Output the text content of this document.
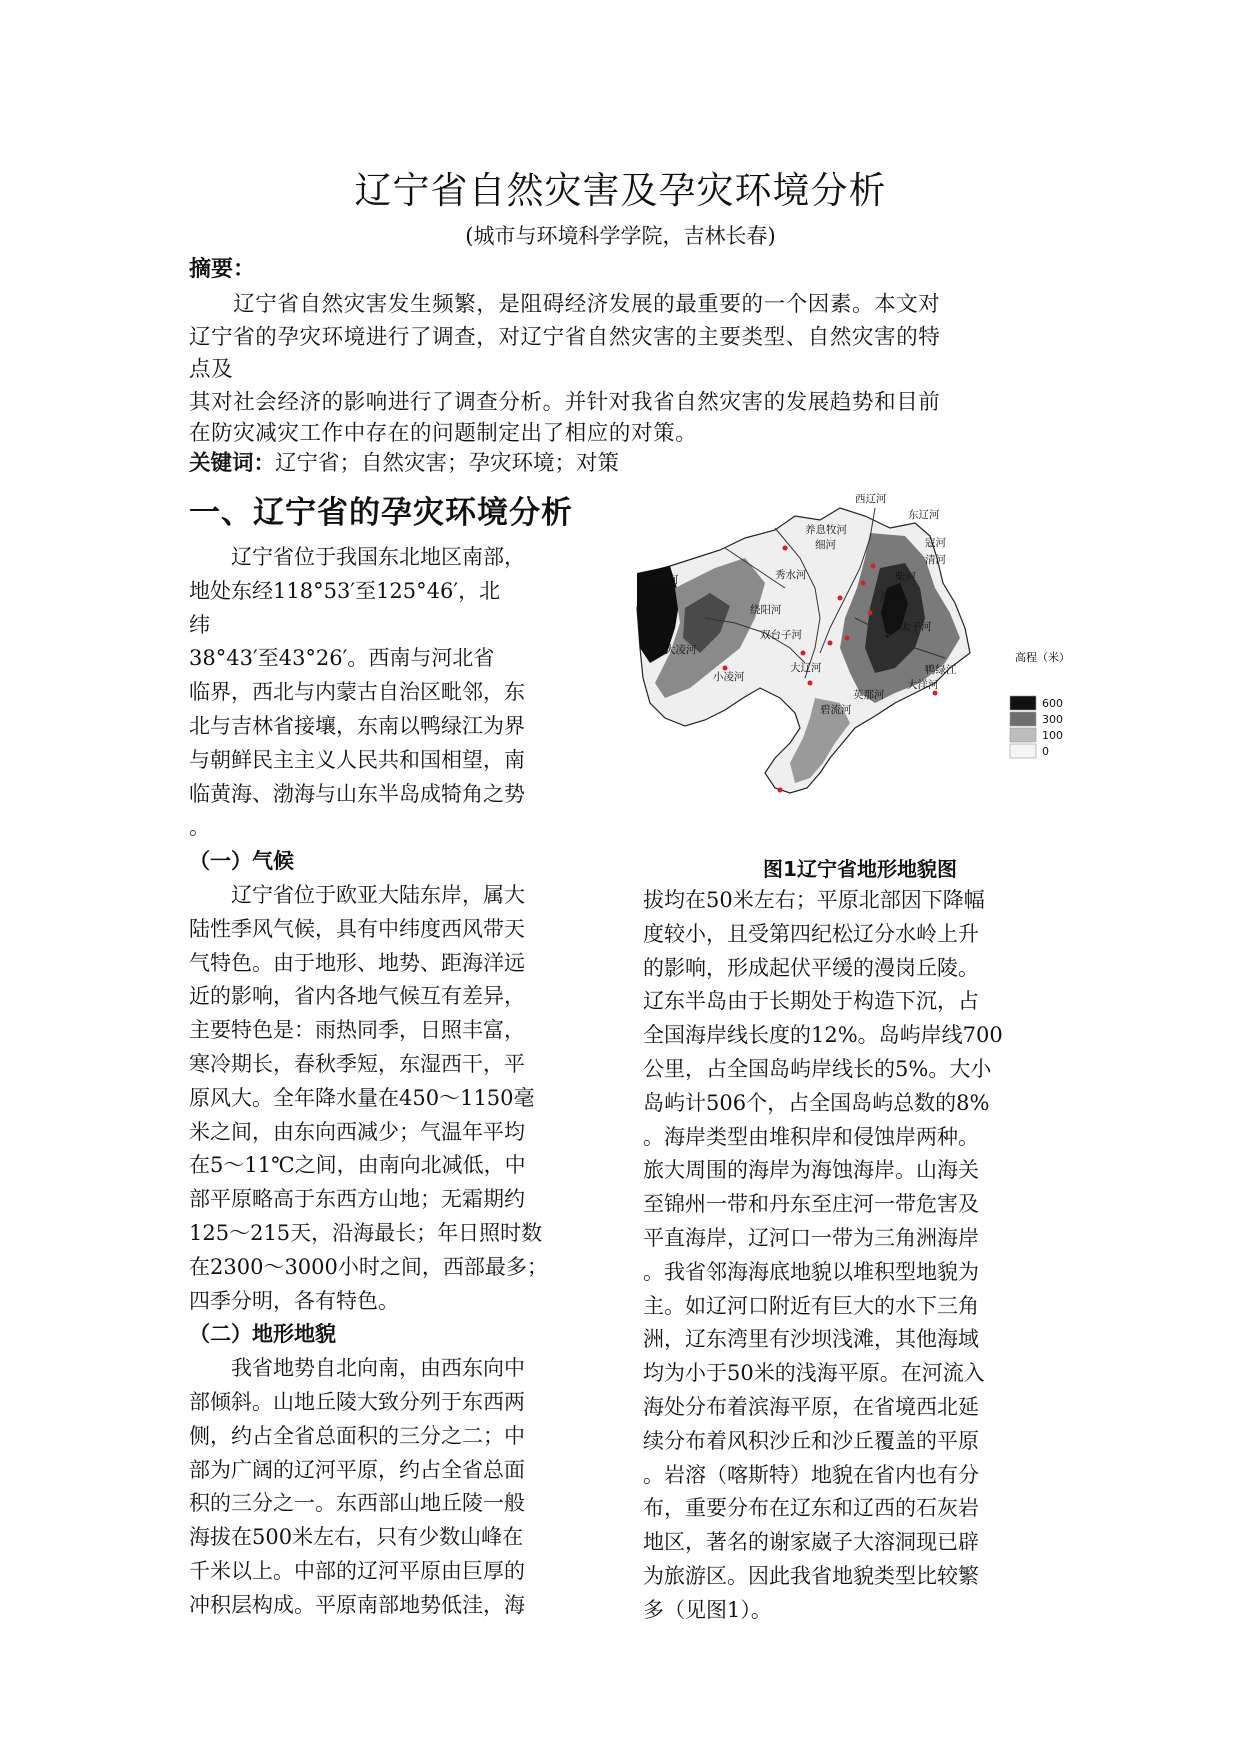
辽宁省自然灾害及孕灾环境分析

(城市与环境科学学院，吉林长春)

摘要：

　　辽宁省自然灾害发生频繁，是阻碍经济发展的最重要的一个因素。本文对

辽宁省的孕灾环境进行了调查，对辽宁省自然灾害的主要类型、自然灾害的特

点及

其对社会经济的影响进行了调查分析。并针对我省自然灾害的发展趋势和目前

在防灾减灾工作中存在的问题制定出了相应的对策。

关键词：辽宁省；自然灾害；孕灾环境；对策

一、辽宁省的孕灾环境分析
　　辽宁省位于我国东北地区南部，
地处东经118°53′至125°46′，北
纬
38°43′至43°26′。西南与河北省
临界，西北与内蒙古自治区毗邻，东
北与吉林省接壤，东南以鸭绿江为界
与朝鲜民主主义人民共和国相望，南
临黄海、渤海与山东半岛成犄角之势
。
（一）气候
　　辽宁省位于欧亚大陆东岸，属大
陆性季风气候，具有中纬度西风带天
气特色。由于地形、地势、距海洋远
近的影响，省内各地气候互有差异，
主要特色是：雨热同季，日照丰富，
寒冷期长，春秋季短，东湿西干，平
原风大。全年降水量在450～1150毫
米之间，由东向西减少；气温年平均
在5～11℃之间，由南向北减低，中
部平原略高于东西方山地；无霜期约
125～215天，沿海最长；年日照时数
在2300～3000小时之间，西部最多；
四季分明，各有特色。
（二）地形地貌
　　我省地势自北向南，由西东向中
部倾斜。山地丘陵大致分列于东西两
侧，约占全省总面积的三分之二；中
部为广阔的辽河平原，约占全省总面
积的三分之一。东西部山地丘陵一般
海拔在500米左右，只有少数山峰在
千米以上。中部的辽河平原由巨厚的
冲积层构成。平原南部地势低洼，海
拔均在50米左右；平原北部因下降幅
度较小，且受第四纪松辽分水岭上升
的影响，形成起伏平缓的漫岗丘陵。
辽东半岛由于长期处于构造下沉，占
全国海岸线长度的12%。岛屿岸线700
公里，占全国岛屿岸线长的5%。大小
岛屿计506个，占全国岛屿总数的8%
。海岸类型由堆积岸和侵蚀岸两种。
旅大周围的海岸为海蚀海岸。山海关
至锦州一带和丹东至庄河一带危害及
平直海岸，辽河口一带为三角洲海岸
。我省邻海海底地貌以堆积型地貌为
主。如辽河口附近有巨大的水下三角
洲，辽东湾里有沙坝浅滩，其他海域
均为小于50米的浅海平原。在河流入
海处分布着滨海平原，在省境西北延
续分布着风积沙丘和沙丘覆盖的平原
。岩溶（喀斯特）地貌在省内也有分
布，重要分布在辽东和辽西的石灰岩
地区，著名的谢家崴子大溶洞现已辟
为旅游区。因此我省地貌类型比较繁
多（见图1）。
西辽河
东辽河
寇河
清河
柴河
太子河
浑河
双台子河
大辽河
大凌河
小凌河
碧流河
鸭绿江
老哈河
绕阳河
秀水河
养息牧河
细河
大洋河
英那河
高程（米）
600
300
100
0

图1辽宁省地形地貌图
